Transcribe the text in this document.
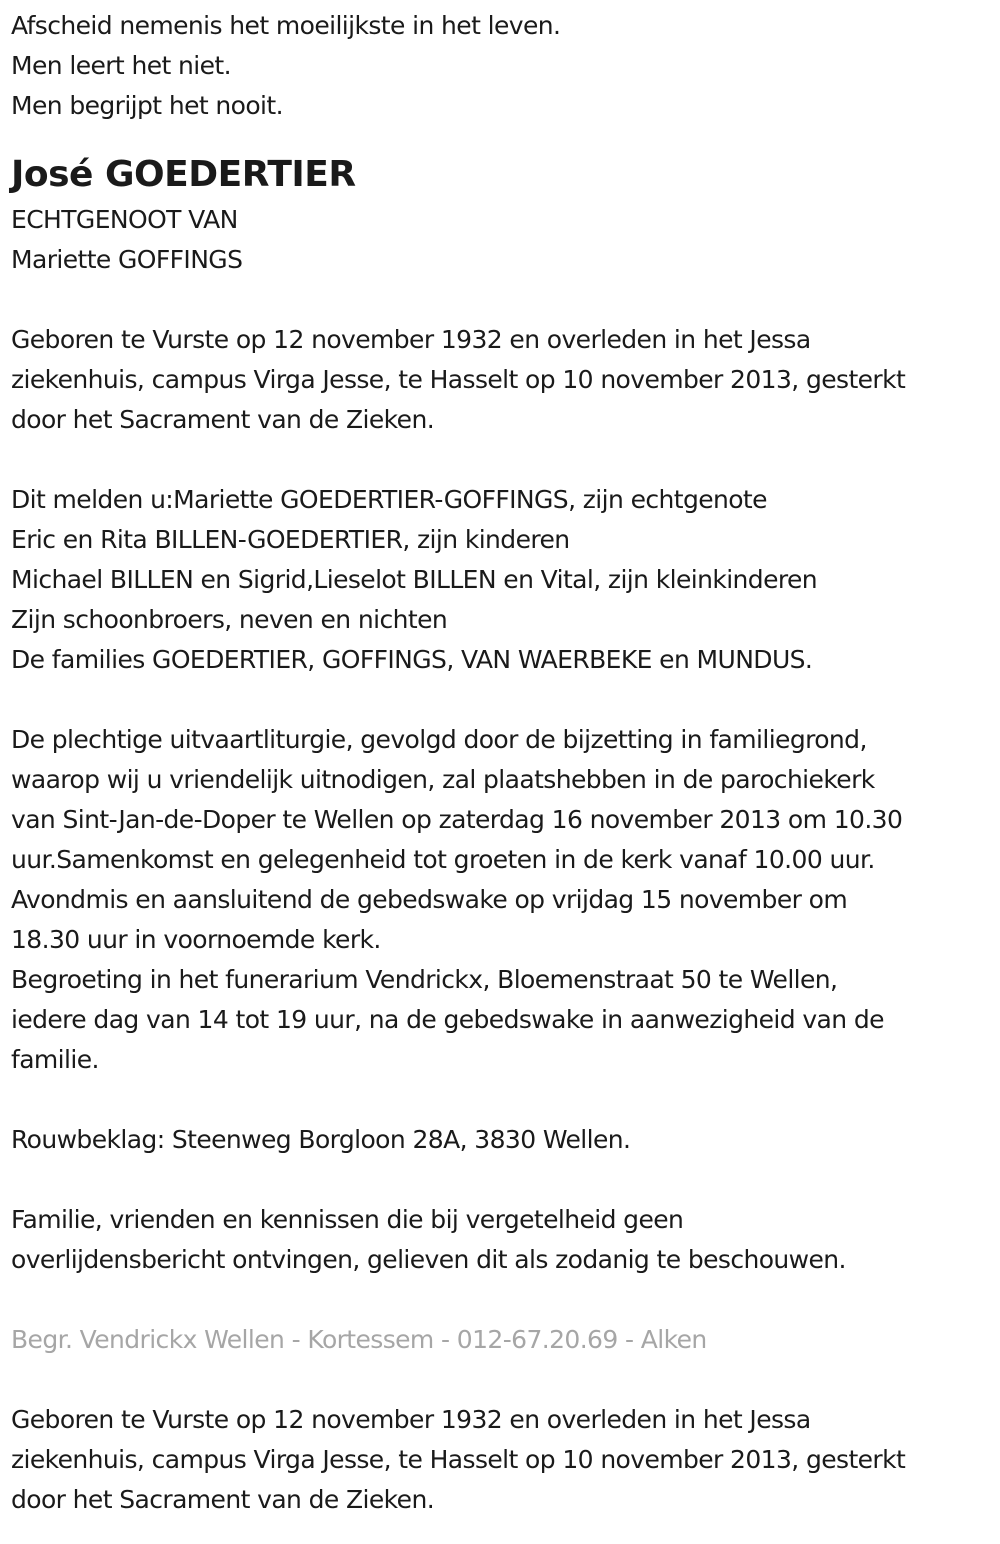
Afscheid nemenis het moeilijkste in het leven.
Men leert het niet.
Men begrijpt het nooit.
José GOEDERTIER
ECHTGENOOT VAN
Mariette GOFFINGS
Geboren te Vurste op 12 november 1932 en overleden in het Jessa
ziekenhuis, campus Virga Jesse, te Hasselt op 10 november 2013, gesterkt
door het Sacrament van de Zieken.
Dit melden u:Mariette GOEDERTIER-GOFFINGS, zijn echtgenote
Eric en Rita BILLEN-GOEDERTIER, zijn kinderen
Michael BILLEN en Sigrid,Lieselot BILLEN en Vital, zijn kleinkinderen
Zijn schoonbroers, neven en nichten
De families GOEDERTIER, GOFFINGS, VAN WAERBEKE en MUNDUS.
De plechtige uitvaartliturgie, gevolgd door de bijzetting in familiegrond,
waarop wij u vriendelijk uitnodigen, zal plaatshebben in de parochiekerk
van Sint-Jan-de-Doper te Wellen op zaterdag 16 november 2013 om 10.30
uur.Samenkomst en gelegenheid tot groeten in de kerk vanaf 10.00 uur.
Avondmis en aansluitend de gebedswake op vrijdag 15 november om
18.30 uur in voornoemde kerk.
Begroeting in het funerarium Vendrickx, Bloemenstraat 50 te Wellen,
iedere dag van 14 tot 19 uur, na de gebedswake in aanwezigheid van de
familie.
Rouwbeklag: Steenweg Borgloon 28A, 3830 Wellen.
Familie, vrienden en kennissen die bij vergetelheid geen
overlijdensbericht ontvingen, gelieven dit als zodanig te beschouwen.
Begr. Vendrickx Wellen - Kortessem - 012-67.20.69 - Alken
Geboren te Vurste op 12 november 1932 en overleden in het Jessa
ziekenhuis, campus Virga Jesse, te Hasselt op 10 november 2013, gesterkt
door het Sacrament van de Zieken.
